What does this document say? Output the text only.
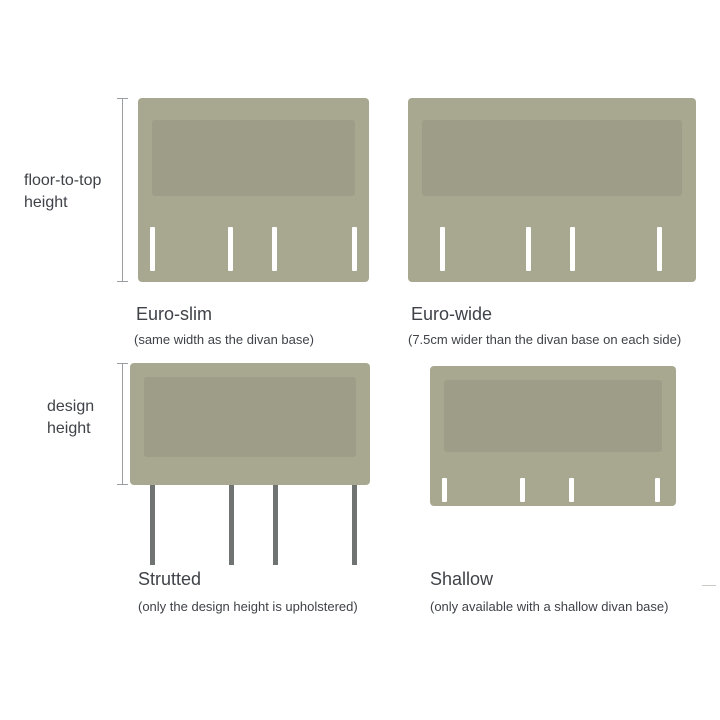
floor-to-top height
design height
Euro-slim
(same width as the divan base)
Euro-wide
(7.5cm wider than the divan base on each side)
Strutted
(only the design height is upholstered)

Shallow
(only available with a shallow divan base)
